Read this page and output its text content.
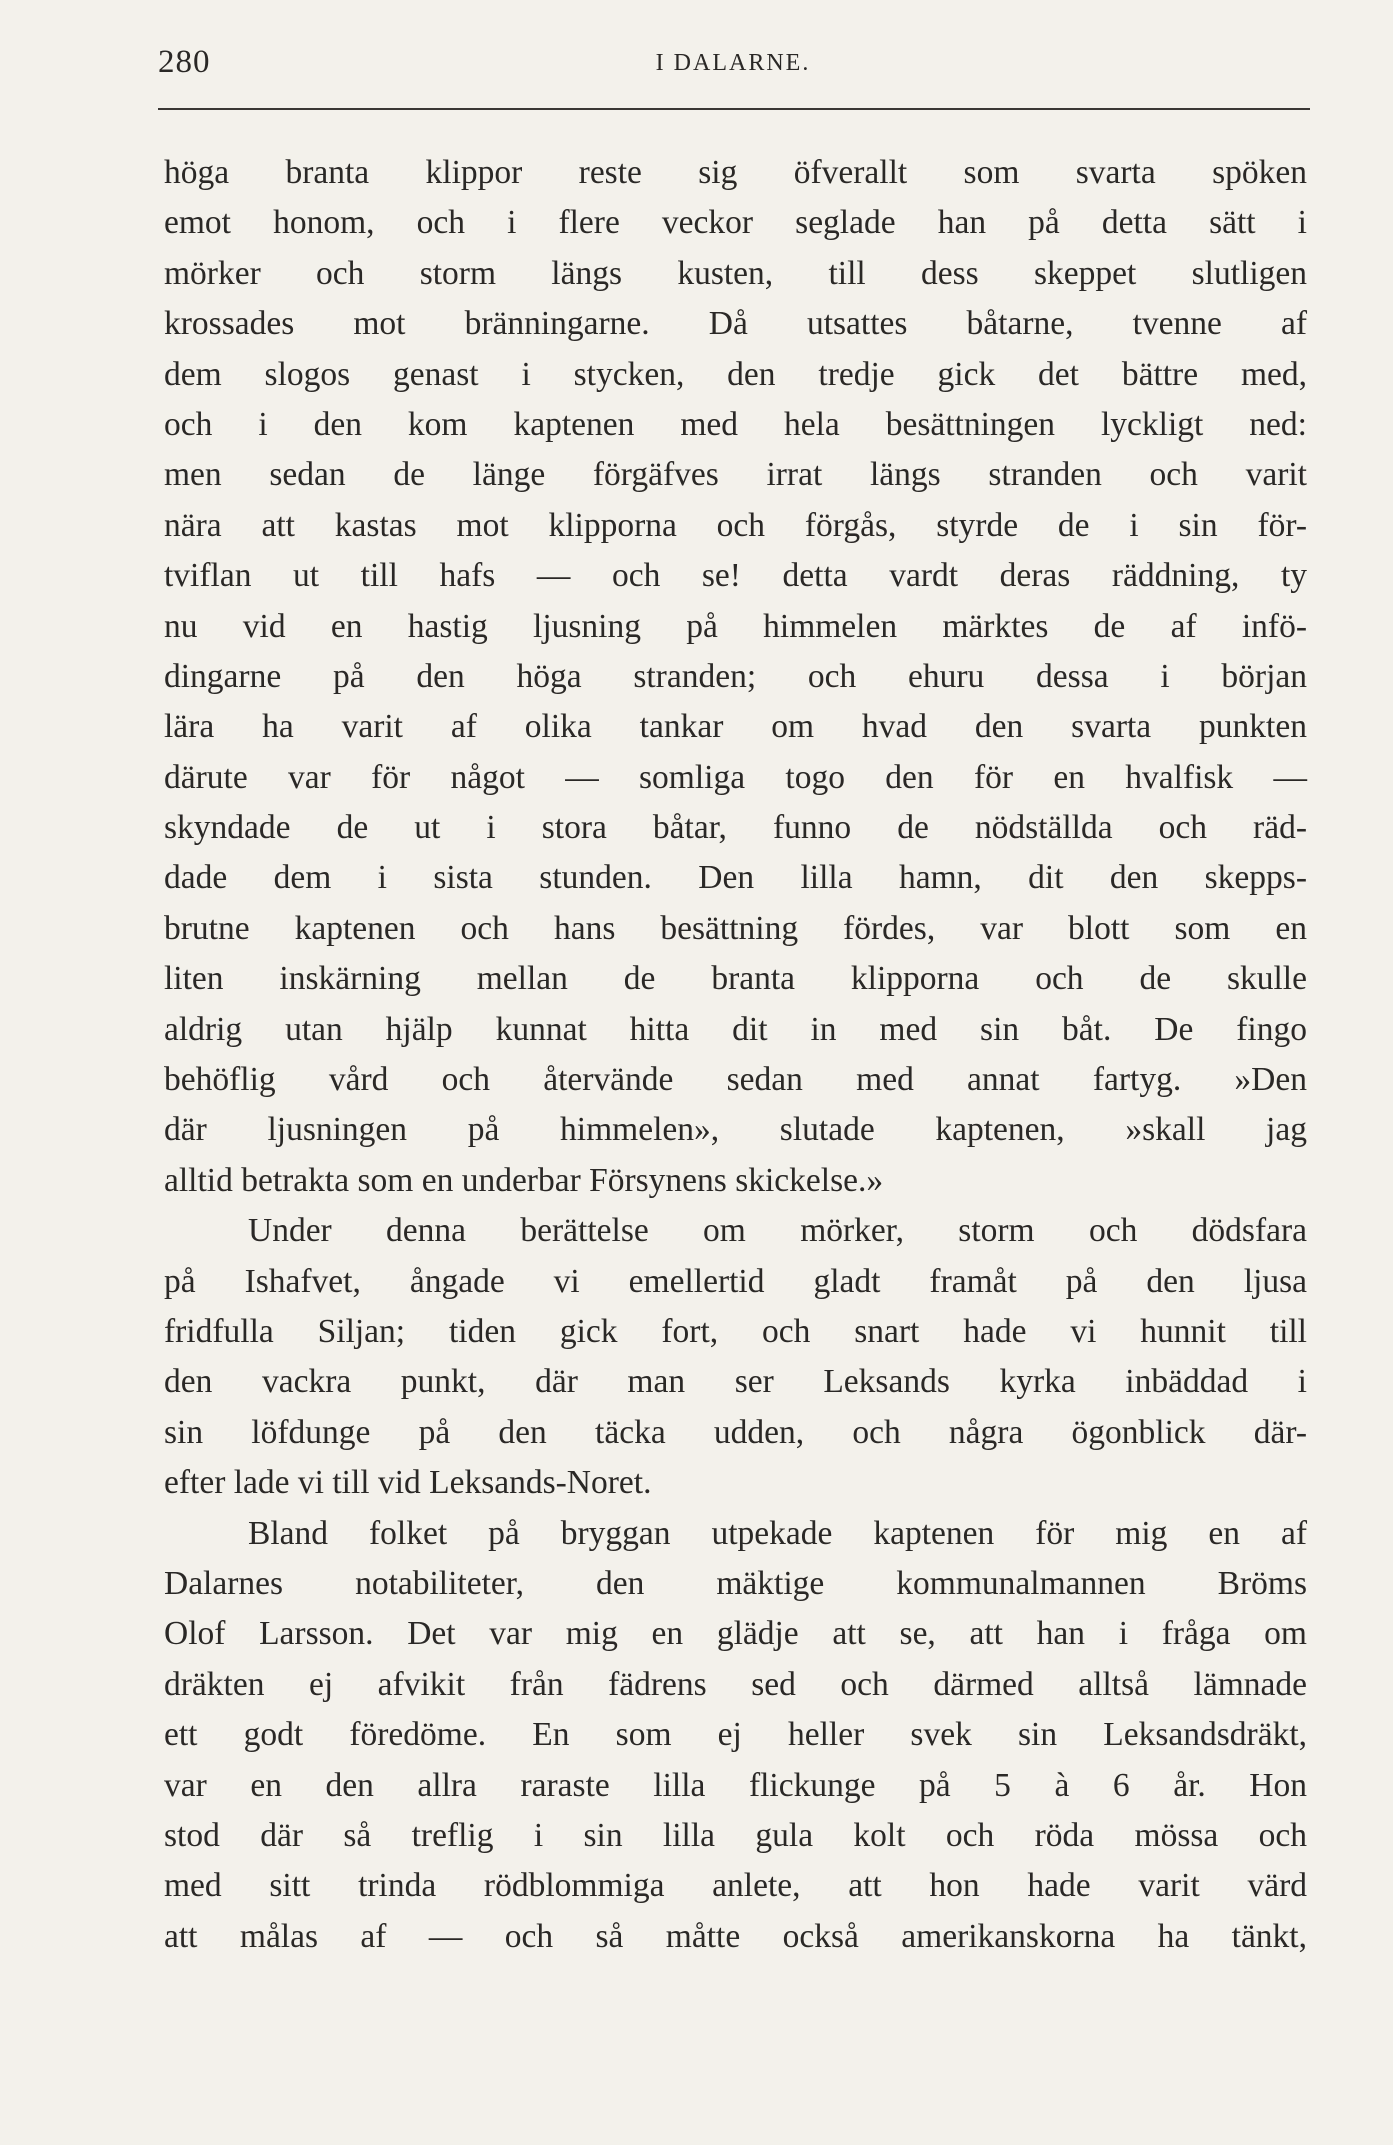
280	I DALARNE.
höga branta klippor reste sig öfverallt som svarta spöken
emot honom, och i flere veckor seglade han på detta sätt i
mörker och storm längs kusten, till dess skeppet slutligen
krossades mot bränningarne. Då utsattes båtarne, tvenne af
dem slogos genast i stycken, den tredje gick det bättre med,
och i den kom kaptenen med hela besättningen lyckligt ned:
men sedan de länge förgäfves irrat längs stranden och varit
nära att kastas mot klipporna och förgås, styrde de i sin för-
tviflan ut till hafs — och se! detta vardt deras räddning, ty
nu vid en hastig ljusning på himmelen märktes de af infö-
dingarne på den höga stranden; och ehuru dessa i början
lära ha varit af olika tankar om hvad den svarta punkten
därute var för något — somliga togo den för en hvalfisk —
skyndade de ut i stora båtar, funno de nödställda och räd-
dade dem i sista stunden. Den lilla hamn, dit den skepps-
brutne kaptenen och hans besättning fördes, var blott som en
liten inskärning mellan de branta klipporna och de skulle
aldrig utan hjälp kunnat hitta dit in med sin båt. De fingo
behöflig vård och återvände sedan med annat fartyg. »Den
där ljusningen på himmelen», slutade kaptenen, »skall jag
alltid betrakta som en underbar Försynens skickelse.»
Under denna berättelse om mörker, storm och dödsfara
på Ishafvet, ångade vi emellertid gladt framåt på den ljusa
fridfulla Siljan; tiden gick fort, och snart hade vi hunnit till
den vackra punkt, där man ser Leksands kyrka inbäddad i
sin löfdunge på den täcka udden, och några ögonblick där-
efter lade vi till vid Leksands-Noret.
Bland folket på bryggan utpekade kaptenen för mig en af
Dalarnes notabiliteter, den mäktige kommunalmannen Bröms
Olof Larsson. Det var mig en glädje att se, att han i fråga om
dräkten ej afvikit från fädrens sed och därmed alltså lämnade
ett godt föredöme. En som ej heller svek sin Leksandsdräkt,
var en den allra raraste lilla flickunge på 5 à 6 år. Hon
stod där så treflig i sin lilla gula kolt och röda mössa och
med sitt trinda rödblommiga anlete, att hon hade varit värd
att målas af — och så måtte också amerikanskorna ha tänkt,
